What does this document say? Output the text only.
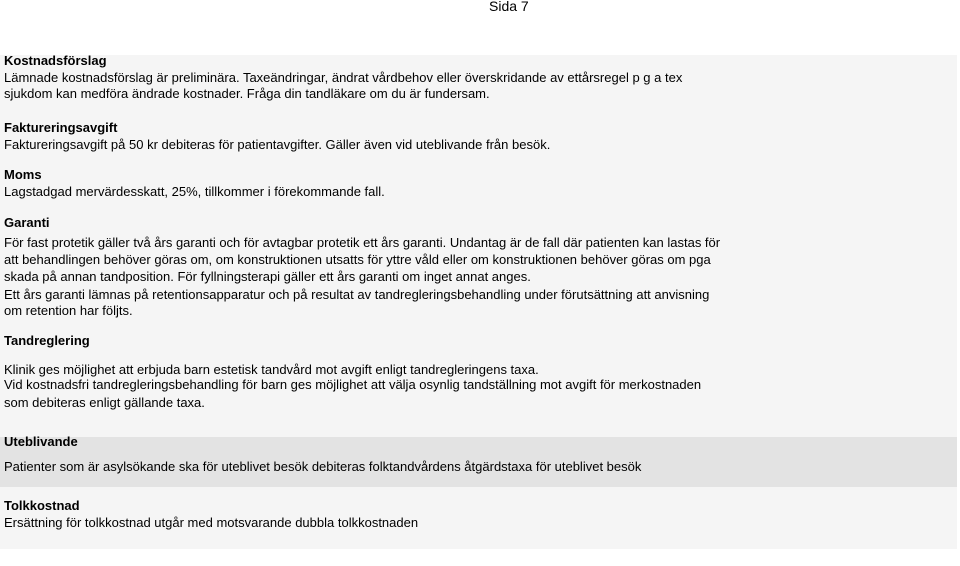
Sida 7
Kostnadsförslag
Lämnade kostnadsförslag är preliminära. Taxeändringar, ändrat vårdbehov eller överskridande av ettårsregel p g a tex
sjukdom kan medföra ändrade kostnader. Fråga din tandläkare om du är fundersam.
Faktureringsavgift
Faktureringsavgift på 50 kr debiteras för patientavgifter. Gäller även vid uteblivande från besök.
Moms
Lagstadgad mervärdesskatt, 25%, tillkommer i förekommande fall.
Garanti
För fast protetik gäller två års garanti och för avtagbar protetik ett års garanti. Undantag är de fall där patienten kan lastas för
att behandlingen behöver göras om, om konstruktionen utsatts för yttre våld eller om konstruktionen behöver göras om pga
skada på annan tandposition. För fyllningsterapi gäller ett års garanti om inget annat anges.
Ett års garanti lämnas på retentionsapparatur och på resultat av tandregleringsbehandling under förutsättning att anvisning
om retention har följts.
Tandreglering
Klinik ges möjlighet att erbjuda barn estetisk tandvård mot avgift enligt tandregleringens taxa.
Vid kostnadsfri tandregleringsbehandling för barn ges möjlighet att välja osynlig tandställning mot avgift för merkostnaden
som debiteras enligt gällande taxa.
Uteblivande
Patienter som är asylsökande ska för uteblivet besök debiteras folktandvårdens åtgärdstaxa för uteblivet besök
Tolkkostnad
Ersättning för tolkkostnad utgår med motsvarande dubbla tolkkostnaden
